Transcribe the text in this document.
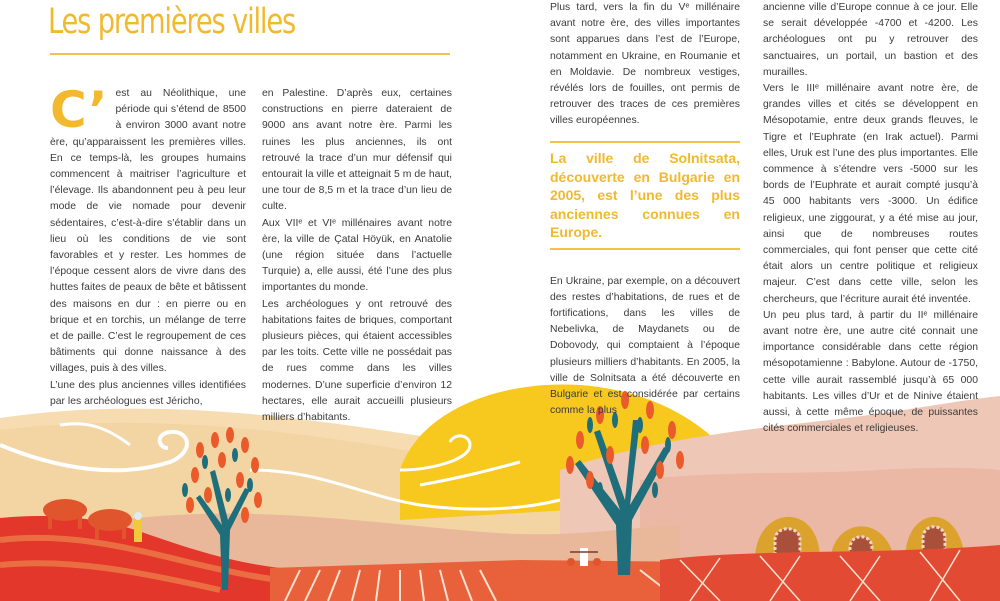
Les premières villes
C’ est au Néolithique, une période qui s’étend de 8500 à environ 3000 avant notre ère, qu’apparaissent les premières villes. En ce temps-là, les groupes humains commencent à maitriser l’agriculture et l’élevage. Ils abandonnent peu à peu leur mode de vie nomade pour devenir sédentaires, c’est-à-dire s’établir dans un lieu où les conditions de vie sont favorables et y rester. Les hommes de l’époque cessent alors de vivre dans des huttes faites de peaux de bête et bâtissent des maisons en dur : en pierre ou en brique et en torchis, un mélange de terre et de paille. C’est le regroupement de ces bâtiments qui donne naissance à des villages, puis à des villes.

L’une des plus anciennes villes identifiées par les archéologues est Jéricho,

en Palestine. D’après eux, certaines constructions en pierre dateraient de 9000 ans avant notre ère. Parmi les ruines les plus anciennes, ils ont retrouvé la trace d’un mur défensif qui entourait la ville et atteignait 5 m de haut, une tour de 8,5 m et la trace d’un lieu de culte.

Aux VIIᵉ et VIᵉ millénaires avant notre ère, la ville de Çatal Höyük, en Anatolie (une région située dans l’actuelle Turquie) a, elle aussi, été l’une des plus importantes du monde.

Les archéologues y ont retrouvé des habitations faites de briques, comportant plusieurs pièces, qui étaient accessibles par les toits. Cette ville ne possédait pas de rues comme dans les villes modernes. D’une superficie d’environ 12 hectares, elle aurait accueilli plusieurs milliers d’habitants.

Plus tard, vers la fin du Vᵉ millénaire avant notre ère, des villes importantes sont apparues dans l’est de l’Europe, notamment en Ukraine, en Roumanie et en Moldavie. De nombreux vestiges, révélés lors de fouilles, ont permis de retrouver des traces de ces premières villes européennes.

La ville de Solnitsata, découverte en Bulgarie en 2005, est l’une des plus anciennes connues en Europe.

En Ukraine, par exemple, on a découvert des restes d’habitations, de rues et de fortifications, dans les villes de Nebelivka, de Maydanets ou de Dobovody, qui comptaient à l’époque plusieurs milliers d’habitants. En 2005, la ville de Solnitsata a été découverte en Bulgarie et est considérée par certains comme la plus

ancienne ville d’Europe connue à ce jour. Elle se serait développée -4700 et -4200. Les archéologues ont pu y retrouver des sanctuaires, un portail, un bastion et des murailles.

Vers le IIIᵉ millénaire avant notre ère, de grandes villes et cités se développent en Mésopotamie, entre deux grands fleuves, le Tigre et l’Euphrate (en Irak actuel). Parmi elles, Uruk est l’une des plus importantes. Elle commence à s’étendre vers -5000 sur les bords de l’Euphrate et aurait compté jusqu’à 45 000 habitants vers -3000. Un édifice religieux, une ziggourat, y a été mise au jour, ainsi que de nombreuses routes commerciales, qui font penser que cette cité était alors un centre politique et religieux majeur. C’est dans cette ville, selon les chercheurs, que l’écriture aurait été inventée.

Un peu plus tard, à partir du IIᵉ millénaire avant notre ère, une autre cité connait une importance considérable dans cette région mésopotamienne : Babylone. Autour de -1750, cette ville aurait rassemblé jusqu’à 65 000 habitants. Les villes d’Ur et de Ninive étaient aussi, à cette même époque, de puissantes cités commerciales et religieuses.
